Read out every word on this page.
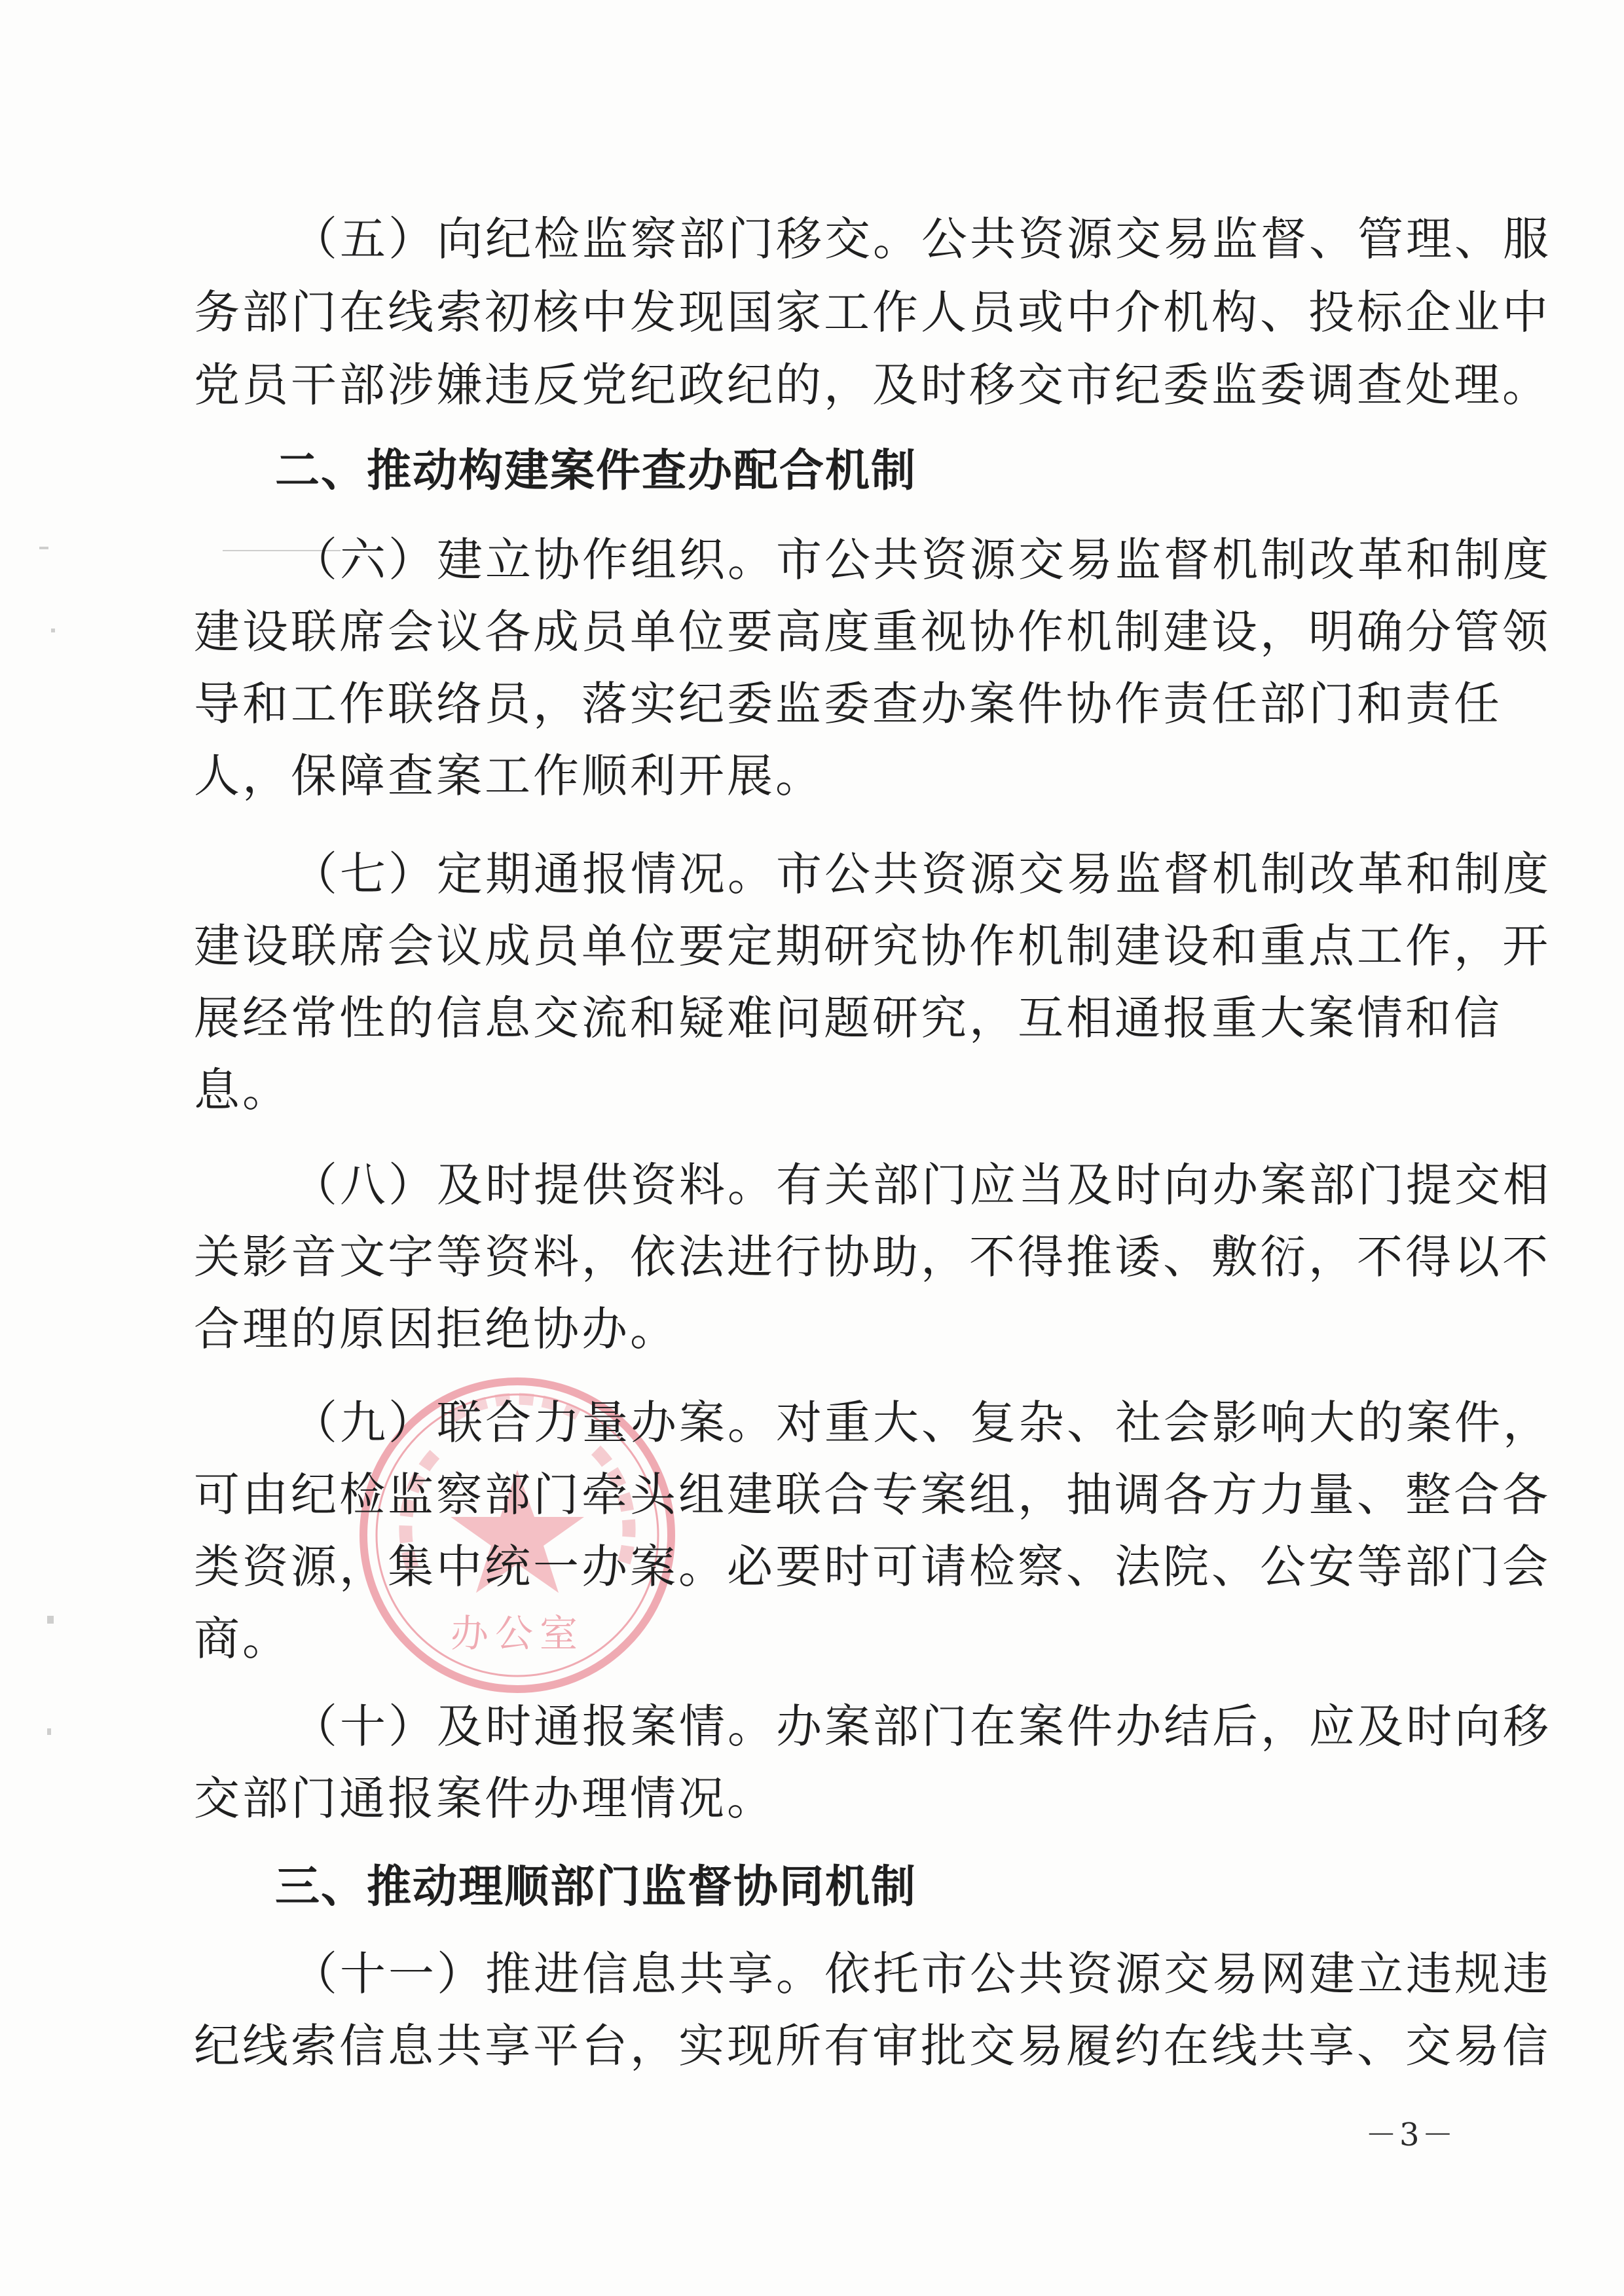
办公室
（五）向纪检监察部门移交。公共资源交易监督、管理、服
务部门在线索初核中发现国家工作人员或中介机构、投标企业中
党员干部涉嫌违反党纪政纪的，及时移交市纪委监委调查处理。
二、推动构建案件查办配合机制
（六）建立协作组织。市公共资源交易监督机制改革和制度
建设联席会议各成员单位要高度重视协作机制建设，明确分管领
导和工作联络员，落实纪委监委查办案件协作责任部门和责任
人，保障查案工作顺利开展。
（七）定期通报情况。市公共资源交易监督机制改革和制度
建设联席会议成员单位要定期研究协作机制建设和重点工作，开
展经常性的信息交流和疑难问题研究，互相通报重大案情和信
息。
（八）及时提供资料。有关部门应当及时向办案部门提交相
关影音文字等资料，依法进行协助，不得推诿、敷衍，不得以不
合理的原因拒绝协办。
（九）联合力量办案。对重大、复杂、社会影响大的案件，
可由纪检监察部门牵头组建联合专案组，抽调各方力量、整合各
类资源，集中统一办案。必要时可请检察、法院、公安等部门会
商。
（十）及时通报案情。办案部门在案件办结后，应及时向移
交部门通报案件办理情况。
三、推动理顺部门监督协同机制
（十一）推进信息共享。依托市公共资源交易网建立违规违
纪线索信息共享平台，实现所有审批交易履约在线共享、交易信
－3－
